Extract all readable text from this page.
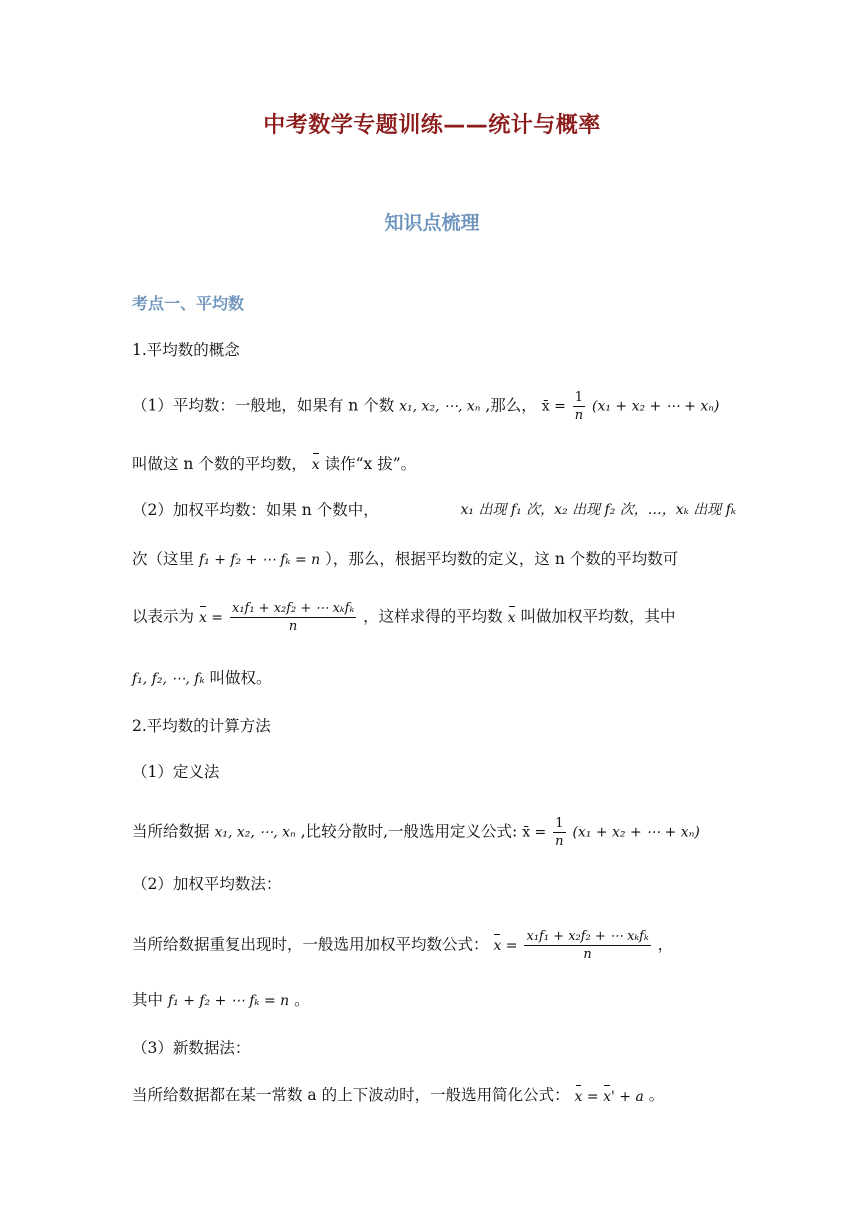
中考数学专题训练——统计与概率
知识点梳理
考点一、平均数
1.平均数的概念
（1）平均数：一般地，如果有 n 个数 x₁, x₂, ⋯, xₙ ,那么， x̄ = $\frac{1}{n} (x_1 + x_2$ + ⋯ + xₙ)
叫做这 n 个数的平均数， x 读作“x 拔”。
（2）加权平均数：如果 n 个数中，	x₁ 出现 f₁ 次，x₂ 出现 f₂ 次，…，xₖ 出现 fₖ
次（这里 f₁ + f₂ + ⋯ fₖ = n ），那么，根据平均数的定义，这 n 个数的平均数可
以表示为 $x = \frac{\text{x₁f₁ + x₂f₂ + ⋯ xₖfₖ}}{n}$ ，这样求得的平均数 x 叫做加权平均数，其中
f₁, f₂, ⋯, fₖ 叫做权。
2.平均数的计算方法
（1）定义法
当所给数据 x₁, x₂, ⋯, xₙ ,比较分散时,一般选用定义公式: x̄ = $\frac{1}{n} (x_1 + x_2$ + ⋯ + xₙ)
（2）加权平均数法：
当所给数据重复出现时，一般选用加权平均数公式： $x = \frac{\text{x₁f₁ + x₂f₂ + ⋯ xₖfₖ}}{n}$ ，
其中 f₁ + f₂ + ⋯ fₖ = n 。
（3）新数据法：
当所给数据都在某一常数 a 的上下波动时，一般选用简化公式： x = x' + a 。
